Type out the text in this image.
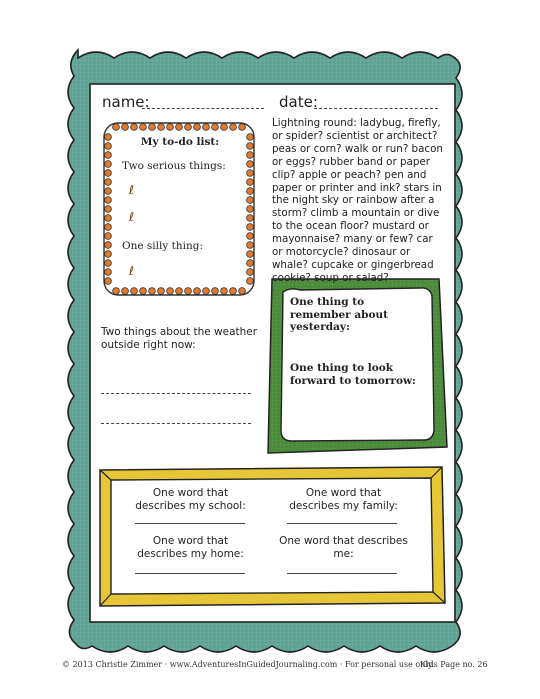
name:	date:
My to-do list:
Two serious things:
ℓ
ℓ
One silly thing:
ℓ
Lightning round: ladybug, firefly, or spider? scientist or architect? peas or corn? walk or run? bacon or eggs? rubber band or paper clip? apple or peach? pen and paper or printer and ink? stars in the night sky or rainbow after a storm? climb a mountain or dive to the ocean floor? mustard or mayonnaise? many or few? car or motorcycle? dinosaur or whale? cupcake or gingerbread cookie? soup or salad?
Two things about the weather outside right now:
One thing to remember about yesterday:
One thing to look forward to tomorrow:
One word that describes my school:
One word that describes my family:
One word that describes my home:
One word that describes me:
© 2013 Christie Zimmer · www.AdventuresInGuidedJournaling.com · For personal use only.
Kids Page no. 26
